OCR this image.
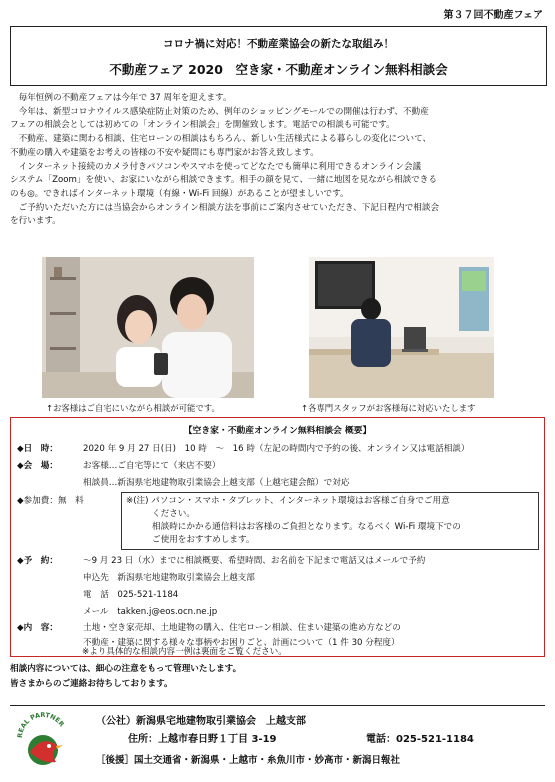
第３７回不動産フェア
コロナ禍に対応！不動産業協会の新たな取組み！
不動産フェア 2020　空き家・不動産オンライン無料相談会

毎年恒例の不動産フェアは今年で 37 周年を迎えます。

今年は、新型コロナウイルス感染症防止対策のため、例年のショッピングモールでの開催は行わず、不動産

フェアの相談会としては初めての「オンライン相談会」を開催致します。電話での相談も可能です。

不動産、建築に関わる相談、住宅ローンの相談はもちろん、新しい生活様式による暮らしの変化について、

不動産の購入や建築をお考えの皆様の不安や疑問にも専門家がお答え致します。

インターネット接続のカメラ付きパソコンやスマホを使ってどなたでも簡単に利用できるオンライン会議

システム「Zoom」を使い、お家にいながら相談できます。相手の顔を見て、一緒に地図を見ながら相談できる

のも◎。できればインターネット環境（有線・Wi-Fi 回線）があることが望ましいです。

ご予約いただいた方には当協会からオンライン相談方法を事前にご案内させていただき、下記日程内で相談会

を行います。

↑お客様はご自宅にいながら相談が可能です。	↑各専門スタッフがお客様毎に対応いたします
【空き家・不動産オンライン無料相談会 概要】
◆日　時：	2020 年 9 月 27 日(日)　10 時　～　16 時（左記の時間内で予約の後、オンライン又は電話相談）
◆会　場：	お客様…ご自宅等にて（来店不要）
相談員…新潟県宅地建物取引業協会上越支部（上越宅建会館）で対応
◆参加費：無　料	※(注) パソコン・スマホ・タブレット、インターネット環境はお客様ご自身でご用意
ください。
相談時にかかる通信料はお客様のご負担となります。なるべく Wi-Fi 環境下での
ご使用をおすすめします。
◆予　約：	～9 月 23 日（水）までに相談概要、希望時間、お名前を下記まで電話又はメールで予約
申込先　新潟県宅地建物取引業協会上越支部
電　話　025-521-1184
メール　takken.j@eos.ocn.ne.jp
◆内　容：	土地・空き家売却、土地建物の購入、住宅ローン相談、住まい建築の進め方などの
不動産・建築に関する様々な事柄やお困りごと、計画について（1 件 30 分程度）
※より具体的な相談内容一例は裏面をご覧ください。
相談内容については、細心の注意をもって管理いたします。
皆さまからのご連絡お待ちしております。
REAL PARTNER	（公社）新潟県宅地建物取引業協会　上越支部
住所：上越市春日野１丁目 3-19	電話：025-521-1184
［後援］国土交通省・新潟県・上越市・糸魚川市・妙高市・新潟日報社
